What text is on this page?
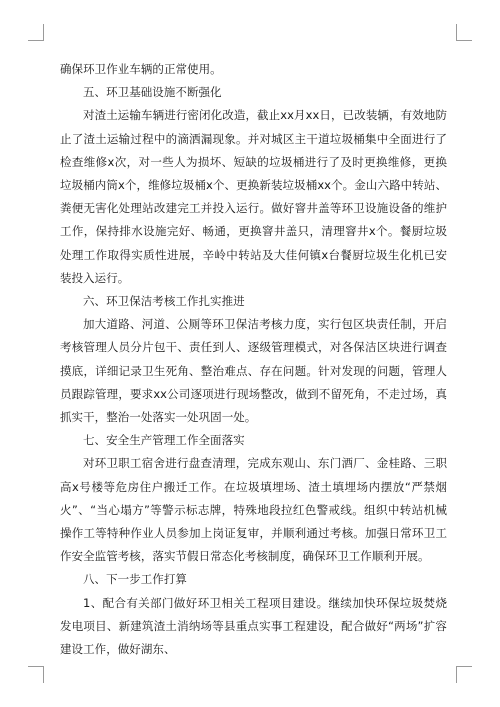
确保环卫作业车辆的正常使用。

五、环卫基础设施不断强化

对渣土运输车辆进行密闭化改造，截止xx月xx日，已改装辆，有效地防止了渣土运输过程中的滴洒漏现象。并对城区主干道垃圾桶集中全面进行了检查维修x次，对一些人为损坏、短缺的垃圾桶进行了及时更换维修，更换垃圾桶内筒x个，维修垃圾桶x个、更换新装垃圾桶xx个。金山六路中转站、粪便无害化处理站改建完工并投入运行。做好窨井盖等环卫设施设备的维护工作，保持排水设施完好、畅通，更换窨井盖只，清理窨井x个。餐厨垃圾处理工作取得实质性进展，辛岭中转站及大佳何镇x台餐厨垃圾生化机已安装投入运行。

六、环卫保洁考核工作扎实推进

加大道路、河道、公厕等环卫保洁考核力度，实行包区块责任制，开启考核管理人员分片包干、责任到人、逐级管理模式，对各保洁区块进行调查摸底，详细记录卫生死角、整治难点、存在问题。针对发现的问题，管理人员跟踪管理，要求xx公司逐项进行现场整改，做到不留死角，不走过场，真抓实干，整治一处落实一处巩固一处。

七、安全生产管理工作全面落实

对环卫职工宿舍进行盘查清理，完成东观山、东门酒厂、金桂路、三职高x号楼等危房住户搬迁工作。在垃圾填埋场、渣土填埋场内摆放“严禁烟火”、“当心塌方”等警示标志牌，特殊地段拉红色警戒线。组织中转站机械操作工等特种作业人员参加上岗证复审，并顺利通过考核。加强日常环卫工作安全监管考核，落实节假日常态化考核制度，确保环卫工作顺利开展。

八、下一步工作打算

1、配合有关部门做好环卫相关工程项目建设。继续加快环保垃圾焚烧发电项目、新建筑渣土消纳场等县重点实事工程建设，配合做好“两场”扩容建设工作，做好湖东、
